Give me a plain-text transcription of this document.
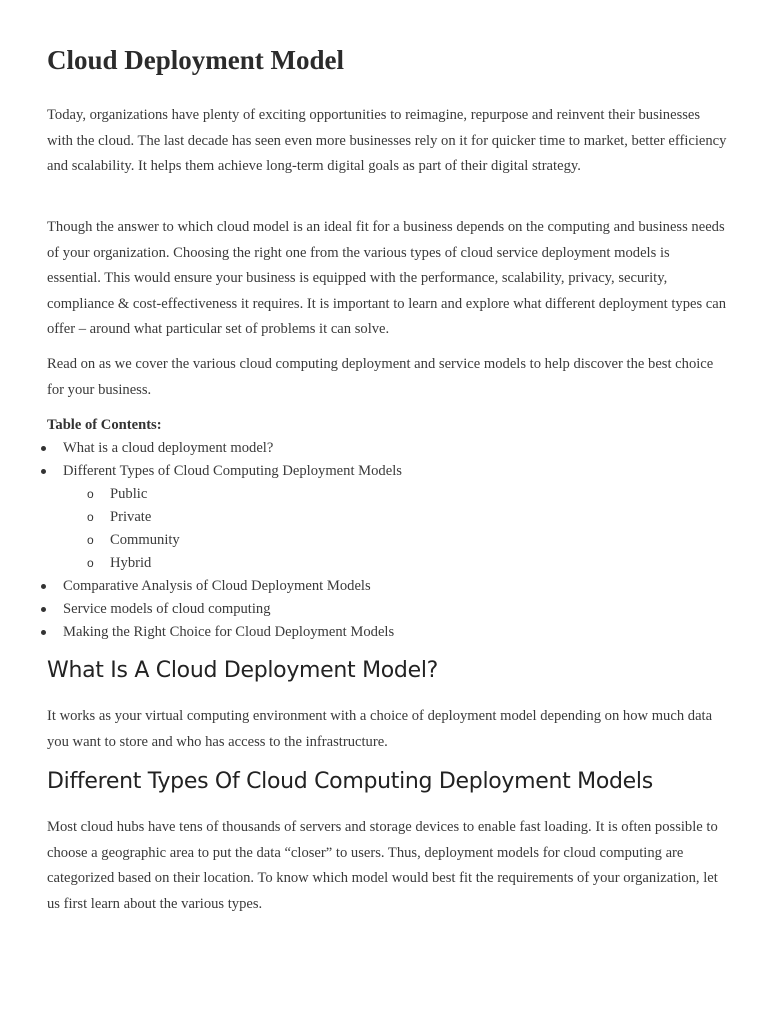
Cloud Deployment Model

Today, organizations have plenty of exciting opportunities to reimagine, repurpose and reinvent their businesses with the cloud. The last decade has seen even more businesses rely on it for quicker time to market, better efficiency and scalability. It helps them achieve long-term digital goals as part of their digital strategy.

Though the answer to which cloud model is an ideal fit for a business depends on the computing and business needs of your organization. Choosing the right one from the various types of cloud service deployment models is essential. This would ensure your business is equipped with the performance, scalability, privacy, security, compliance & cost-effectiveness it requires. It is important to learn and explore what different deployment types can offer – around what particular set of problems it can solve.

Read on as we cover the various cloud computing deployment and service models to help discover the best choice for your business.

Table of Contents:

What is a cloud deployment model?
Different Types of Cloud Computing Deployment Models
o Public
o Private
o Community
o Hybrid
Comparative Analysis of Cloud Deployment Models
Service models of cloud computing
Making the Right Choice for Cloud Deployment Models
What Is A Cloud Deployment Model?

It works as your virtual computing environment with a choice of deployment model depending on how much data you want to store and who has access to the infrastructure.

Different Types Of Cloud Computing Deployment Models

Most cloud hubs have tens of thousands of servers and storage devices to enable fast loading. It is often possible to choose a geographic area to put the data “closer” to users. Thus, deployment models for cloud computing are categorized based on their location. To know which model would best fit the requirements of your organization, let us first learn about the various types.
